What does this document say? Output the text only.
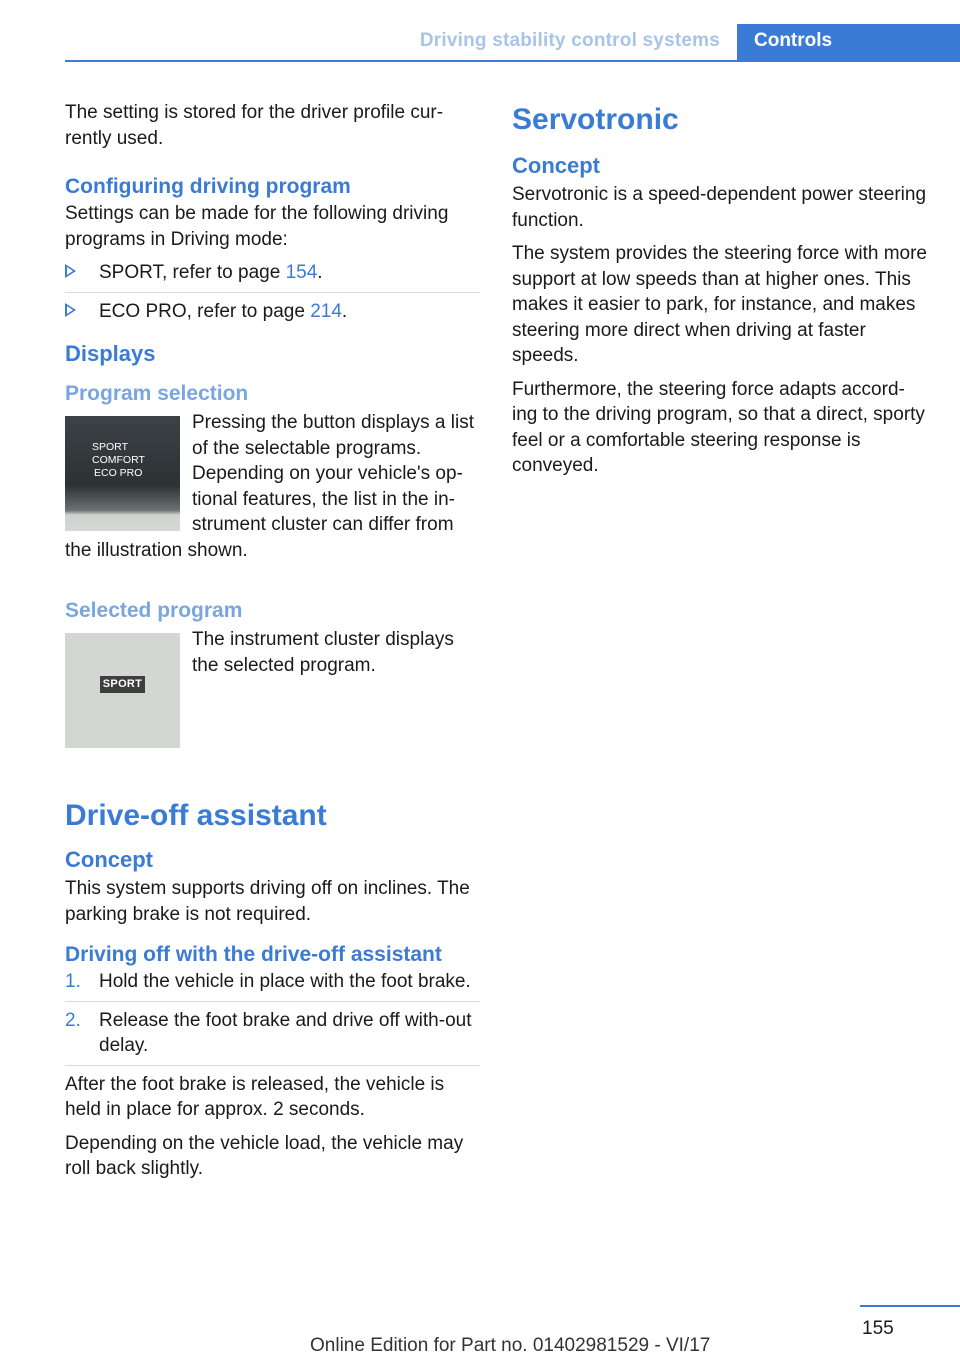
Driving stability control systems Controls

The setting is stored for the driver profile cur-rently used.

Configuring driving program

Settings can be made for the following driving programs in Driving mode:

SPORT, refer to page 154.
ECO PRO, refer to page 214.
Displays
Program selection
SPORT
COMFORT
ECO PRO

Pressing the button displays a list of the selectable programs. Depending on your vehicle's op-tional features, the list in the in-strument cluster can differ from the illustration shown.

Selected program
SPORT

The instrument cluster displays the selected program.

Drive-off assistant
Concept

This system supports driving off on inclines. The parking brake is not required.

Driving off with the drive-off assistant
1. Hold the vehicle in place with the foot brake.
2. Release the foot brake and drive off with-out delay.

After the foot brake is released, the vehicle is held in place for approx. 2 seconds.

Depending on the vehicle load, the vehicle may roll back slightly.

Servotronic
Concept

Servotronic is a speed-dependent power steering function.

The system provides the steering force with more support at low speeds than at higher ones. This makes it easier to park, for instance, and makes steering more direct when driving at faster speeds.

Furthermore, the steering force adapts accord-ing to the driving program, so that a direct, sporty feel or a comfortable steering response is conveyed.

155
Online Edition for Part no. 01402981529 - VI/17
